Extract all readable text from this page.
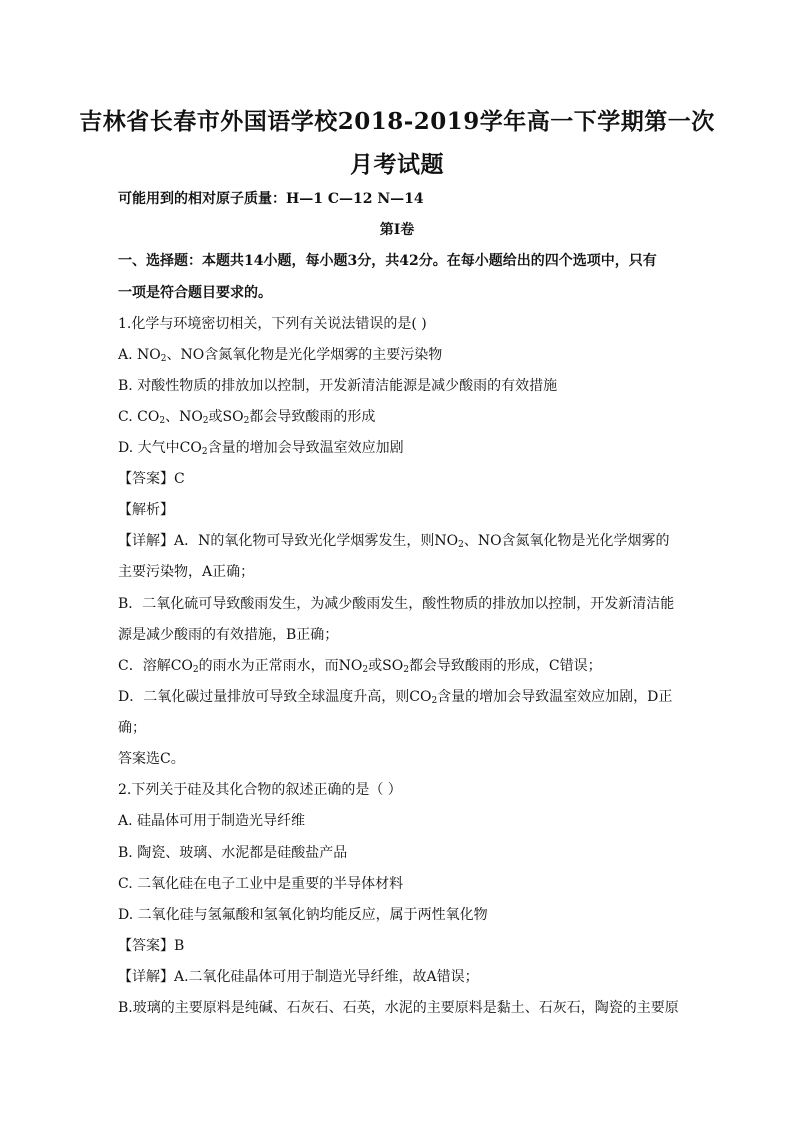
吉林省长春市外国语学校2018-2019学年高一下学期第一次
月考试题
可能用到的相对原子质量：H—1 C—12 N—14
第Ⅰ卷
一、选择题：本题共14小题，每小题3分，共42分。在每小题给出的四个选项中，只有
一项是符合题目要求的。
1.化学与环境密切相关，下列有关说法错误的是( )
A. $NO_2$、NO含氮氧化物是光化学烟雾的主要污染物
B. 对酸性物质的排放加以控制，开发新清洁能源是减少酸雨的有效措施
C. $CO_2$、$NO_2$或$SO_2$都会导致酸雨的形成
D. 大气中$CO_2$含量的增加会导致温室效应加剧
【答案】C
【解析】
【详解】A．N的氧化物可导致光化学烟雾发生，则$NO_2$、NO含氮氧化物是光化学烟雾的
主要污染物，A正确；
B．二氧化硫可导致酸雨发生，为减少酸雨发生，酸性物质的排放加以控制，开发新清洁能
源是减少酸雨的有效措施，B正确；
C．溶解$CO_2$的雨水为正常雨水，而$NO_2$或$SO_2$都会导致酸雨的形成，C错误；
D．二氧化碳过量排放可导致全球温度升高，则$CO_2$含量的增加会导致温室效应加剧，D正
确；
答案选C。
2.下列关于硅及其化合物的叙述正确的是（ ）
A. 硅晶体可用于制造光导纤维
B. 陶瓷、玻璃、水泥都是硅酸盐产品
C. 二氧化硅在电子工业中是重要的半导体材料
D. 二氧化硅与氢氟酸和氢氧化钠均能反应，属于两性氧化物
【答案】B
【详解】A.二氧化硅晶体可用于制造光导纤维，故A错误；
B.玻璃的主要原料是纯碱、石灰石、石英，水泥的主要原料是黏土、石灰石，陶瓷的主要原
